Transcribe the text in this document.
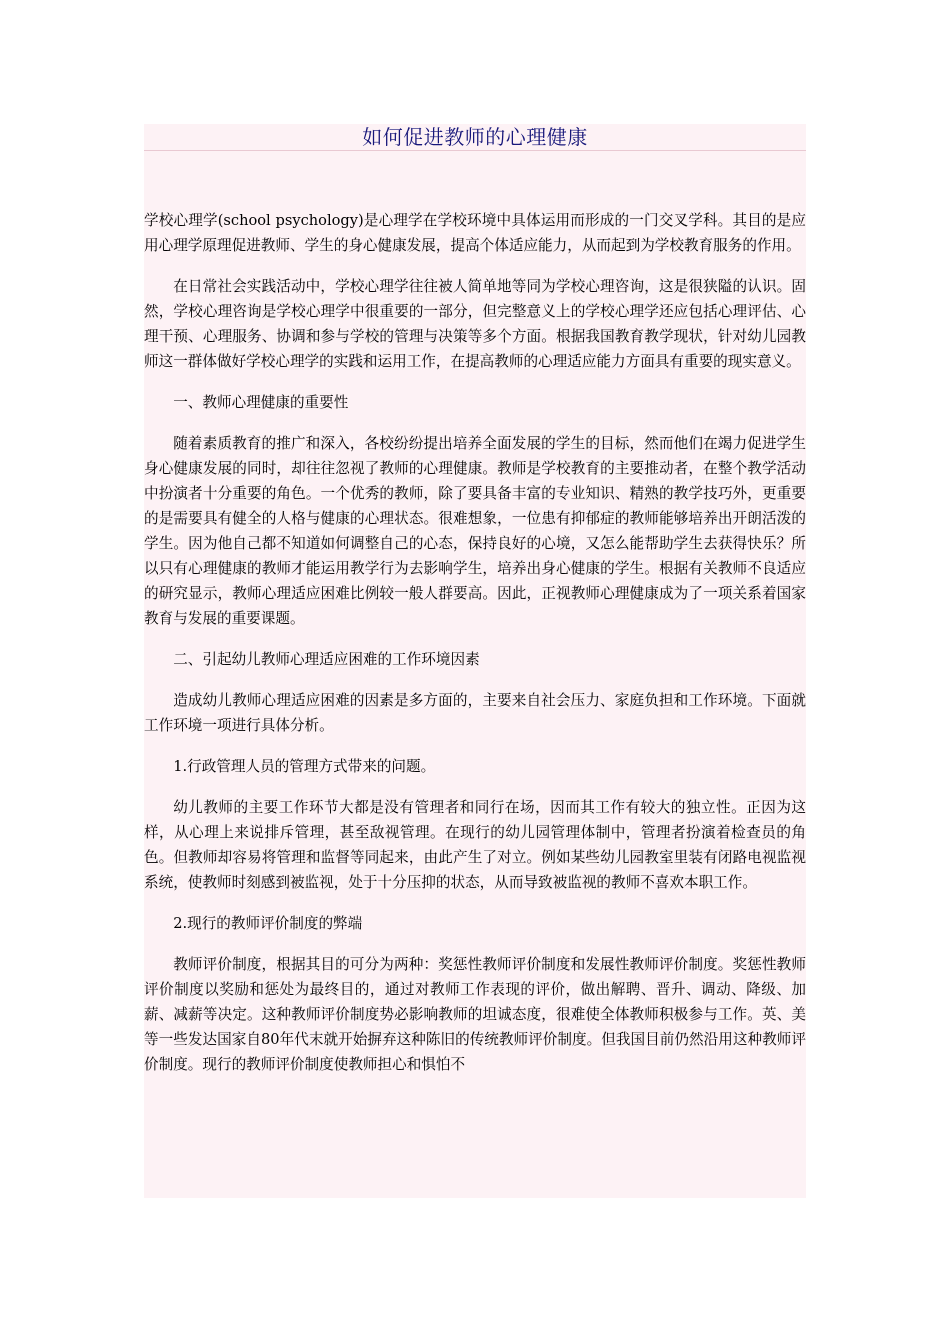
如何促进教师的心理健康

学校心理学(school psychology)是心理学在学校环境中具体运用而形成的一门交叉学科。其目的是应用心理学原理促进教师、学生的身心健康发展，提高个体适应能力，从而起到为学校教育服务的作用。

在日常社会实践活动中，学校心理学往往被人简单地等同为学校心理咨询，这是很狭隘的认识。固然，学校心理咨询是学校心理学中很重要的一部分，但完整意义上的学校心理学还应包括心理评估、心理干预、心理服务、协调和参与学校的管理与决策等多个方面。根据我国教育教学现状，针对幼儿园教师这一群体做好学校心理学的实践和运用工作，在提高教师的心理适应能力方面具有重要的现实意义。

一、教师心理健康的重要性

随着素质教育的推广和深入，各校纷纷提出培养全面发展的学生的目标，然而他们在竭力促进学生身心健康发展的同时，却往往忽视了教师的心理健康。教师是学校教育的主要推动者，在整个教学活动中扮演者十分重要的角色。一个优秀的教师，除了要具备丰富的专业知识、精熟的教学技巧外，更重要的是需要具有健全的人格与健康的心理状态。很难想象，一位患有抑郁症的教师能够培养出开朗活泼的学生。因为他自己都不知道如何调整自己的心态，保持良好的心境，又怎么能帮助学生去获得快乐？所以只有心理健康的教师才能运用教学行为去影响学生，培养出身心健康的学生。根据有关教师不良适应的研究显示，教师心理适应困难比例较一般人群要高。因此，正视教师心理健康成为了一项关系着国家教育与发展的重要课题。

二、引起幼儿教师心理适应困难的工作环境因素

造成幼儿教师心理适应困难的因素是多方面的，主要来自社会压力、家庭负担和工作环境。下面就工作环境一项进行具体分析。

1.行政管理人员的管理方式带来的问题。

幼儿教师的主要工作环节大都是没有管理者和同行在场，因而其工作有较大的独立性。正因为这样，从心理上来说排斥管理，甚至敌视管理。在现行的幼儿园管理体制中，管理者扮演着检查员的角色。但教师却容易将管理和监督等同起来，由此产生了对立。例如某些幼儿园教室里装有闭路电视监视系统，使教师时刻感到被监视，处于十分压抑的状态，从而导致被监视的教师不喜欢本职工作。

2.现行的教师评价制度的弊端

教师评价制度，根据其目的可分为两种：奖惩性教师评价制度和发展性教师评价制度。奖惩性教师评价制度以奖励和惩处为最终目的，通过对教师工作表现的评价，做出解聘、晋升、调动、降级、加薪、减薪等决定。这种教师评价制度势必影响教师的坦诚态度，很难使全体教师积极参与工作。英、美等一些发达国家自80年代末就开始摒弃这种陈旧的传统教师评价制度。但我国目前仍然沿用这种教师评价制度。现行的教师评价制度使教师担心和惧怕不
